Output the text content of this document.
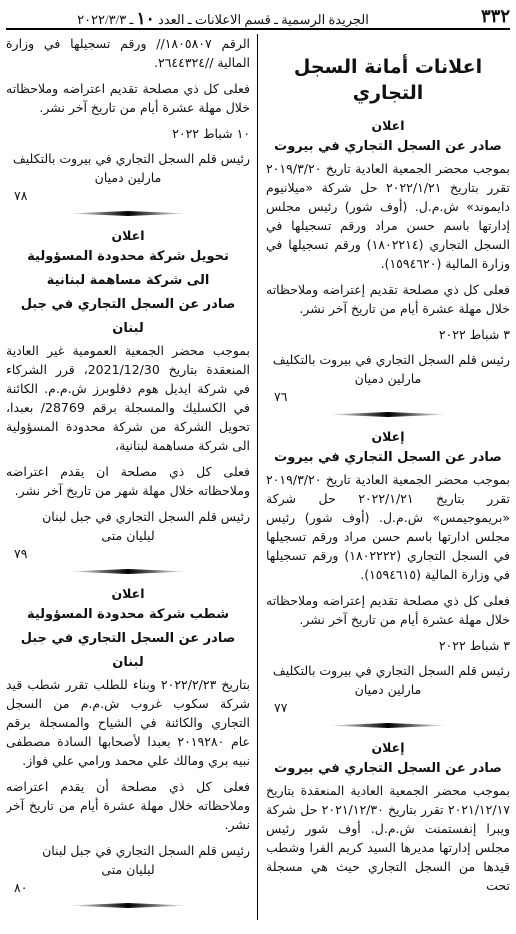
٣٣٢
الجريدة الرسمية ـ قسم الاعلانات ـ العدد ١٠ ـ ٢٠٢٢/٣/٣
اعلانات أمانة السجل التجاري

اعلان

صادر عن السجل التجاري في بيروت

بموجب محضر الجمعية العادية تاريخ ٢٠١٩/٣/٢٠ تقرر بتاريخ ٢٠٢٢/١/٢١ حل شركة «ميلانيوم دايموند» ش.م.ل. (أوف شور) رئيس مجلس إدارتها باسم حسن مراد ورقم تسجيلها في السجل التجاري (١٨٠٢٢١٤) ورقم تسجيلها في وزارة المالية (١٥٩٤٦٢٠).

فعلى كل ذي مصلحة تقديم إعتراضه وملاحظاته خلال مهلة عشرة أيام من تاريخ آخر نشر.

٣ شباط ٢٠٢٢

رئيس قلم السجل التجاري في بيروت بالتكليف

مارلين دميان

٧٦

إعلان

صادر عن السجل التجاري في بيروت

بموجب محضر الجمعية العادية تاريخ ٢٠١٩/٣/٢٠ تقرر بتاريخ ٢٠٢٢/١/٢١ حل شركة «بريموجيمس» ش.م.ل. (أوف شور) رئيس مجلس ادارتها باسم حسن مراد ورقم تسجيلها في السجل التجاري (١٨٠٢٢٢٢) ورقم تسجيلها في وزارة المالية (١٥٩٤٦١٥).

فعلى كل ذي مصلحة تقديم إعتراضه وملاحظاته خلال مهلة عشرة أيام من تاريخ آخر نشر.

٣ شباط ٢٠٢٢

رئيس قلم السجل التجاري في بيروت بالتكليف

مارلين دميان

٧٧

إعلان

صادر عن السجل التجاري في بيروت

بموجب محضر الجمعية العادية المنعقدة بتاريخ ٢٠٢١/١٢/١٧ تقرر بتاريخ ٢٠٢١/١٢/٣٠ حل شركة ويبرا إنفستمنت ش.م.ل. أوف شور رئيس مجلس إدارتها مديرها السيد كريم الفرا وشطب قيدها من السجل التجاري حيث هي مسجلة تحت

الرقم ١٨٠٥٨٠٧// ورقم تسجيلها في وزارة المالية //٢٦٤٤٣٢٤.

فعلى كل ذي مصلحة تقديم اعتراضه وملاحظاته خلال مهلة عشرة أيام من تاريخ آخر نشر.

١٠ شباط ٢٠٢٢

رئيس قلم السجل التجاري في بيروت بالتكليف

مارلين دميان

٧٨

اعلان

تحويل شركة محدودة المسؤولية

الى شركة مساهمة لبنانية

صادر عن السجل التجاري في جبل لبنان

بموجب محضر الجمعية العمومية غير العادية المنعقدة بتاريخ 2021/12/30، قرر الشركاء في شركة ايديل هوم دفلوبرز ش.م.م. الكائنة في الكسليك والمسجلة برقم 28769/ بعبدا، تحويل الشركة من شركة محدودة المسؤولية الى شركة مساهمة لبنانية،

فعلى كل ذي مصلحة ان يقدم اعتراضه وملاحظاته خلال مهلة شهر من تاريخ آخر نشر.

رئيس قلم السجل التجاري في جبل لبنان

ليليان متى

٧٩

اعلان

شطب شركة محدودة المسؤولية

صادر عن السجل التجاري في جبل لبنان

بتاريخ ٢٠٢٢/٢/٢٣ وبناء للطلب تقرر شطب قيد شركة سكوب غروب ش.م.م من السجل التجاري والكائنة في الشياح والمسجلة برقم عام ٢٠١٩٢٨٠ بعبدا لأصحابها السادة مصطفى نبيه بري ومالك علي محمد ورامي علي فواز.

فعلى كل ذي مصلحة أن يقدم اعتراضه وملاحظاته خلال مهلة عشرة أيام من تاريخ آخر نشر.

رئيس قلم السجل التجاري في جبل لبنان

ليليان متى

٨٠
